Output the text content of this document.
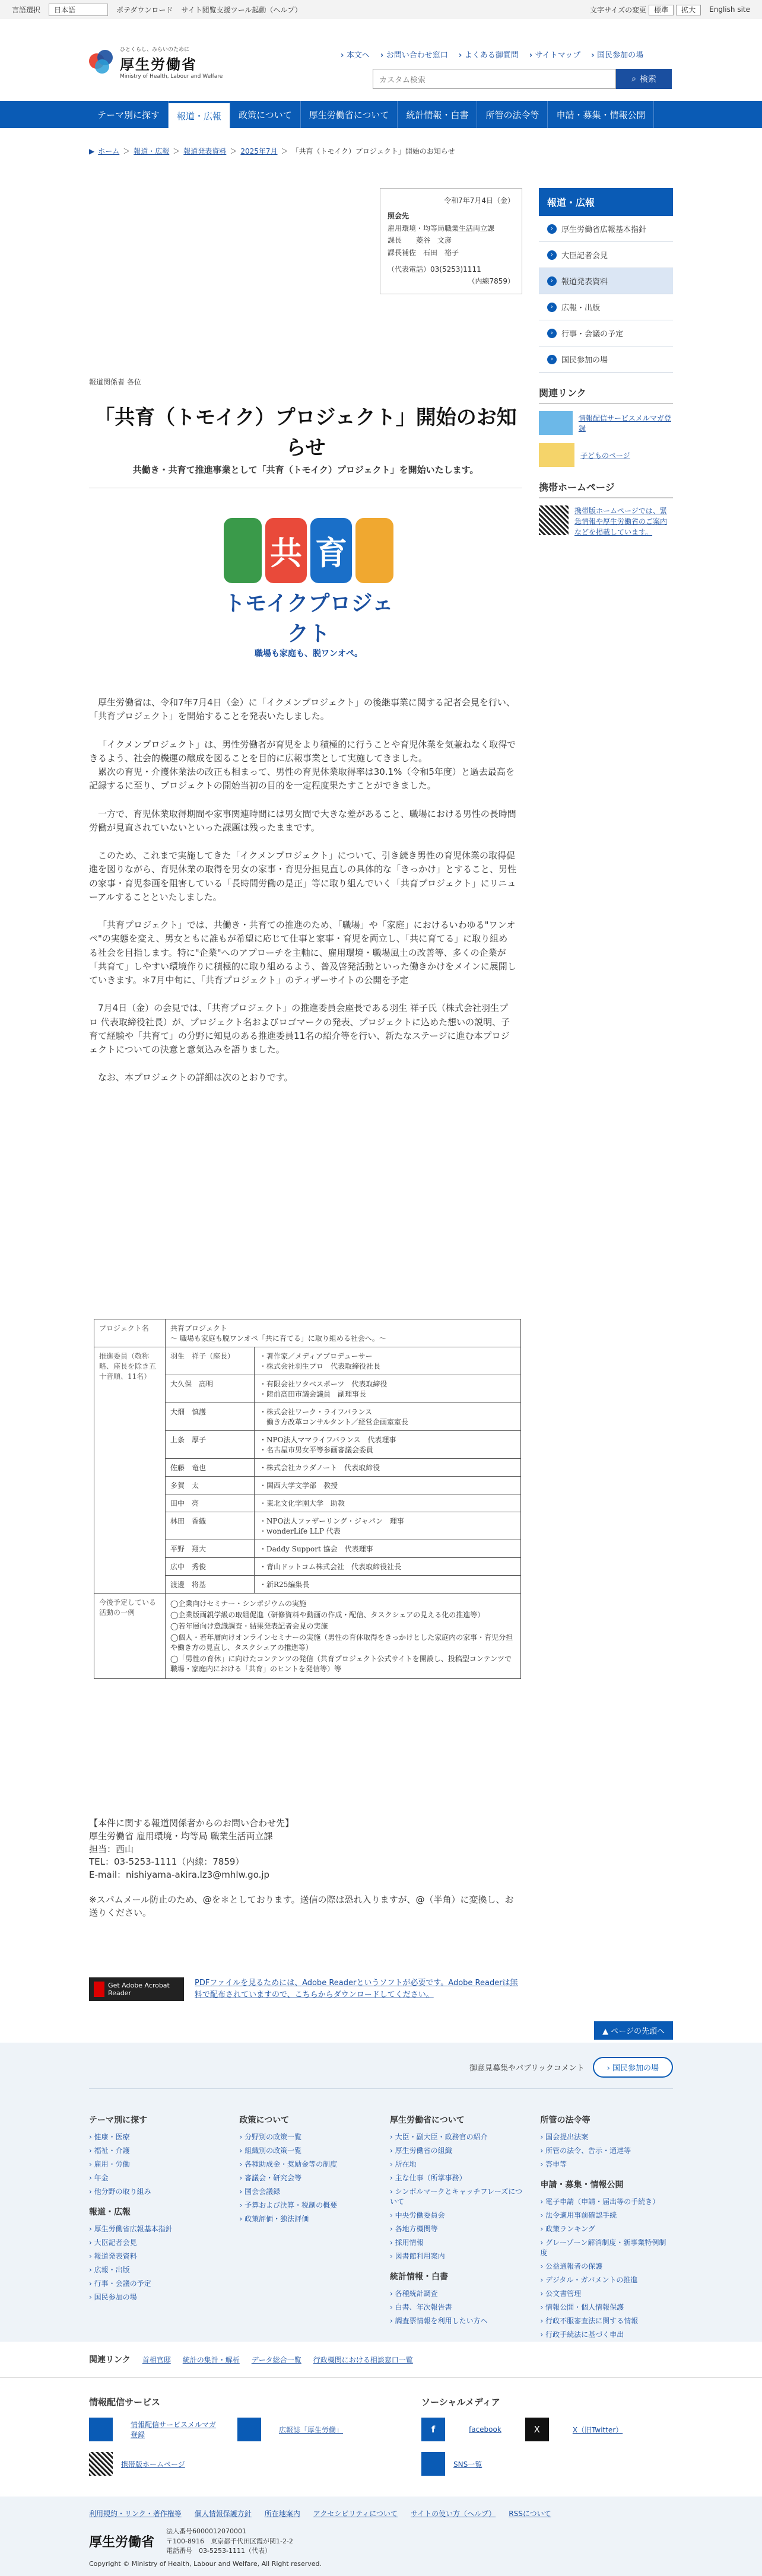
言語選択	日本語	ポテダウンロード サイト閲覧支援ツール起動（ヘルプ）	文字サイズの変更 標準 拡大	English site
ひとくらし、みらいのために
厚生労働省
Ministry of Health, Labour and Welfare
› 本文へ	› お問い合わせ窓口	› よくある御質問	› サイトマップ	› 国民参加の場
カスタム検索	⌕ 検索
テーマ別に探す	報道・広報	政策について	厚生労働省について	統計情報・白書	所管の法令等	申請・募集・情報公開
▶ ホーム ＞ 報道・広報 ＞ 報道発表資料 ＞ 2025年7月 ＞ 「共育（トモイク）プロジェクト」開始のお知らせ
令和7年7月4日（金）
照会先
雇用環境・均等局職業生活両立課
課長　　菱谷　文彦
課長補佐　石田　裕子
（代表電話）03(5253)1111
（内線7859）
報道関係者 各位
「共育（トモイク）プロジェクト」開始のお知らせ
共働き・共育て推進事業として「共育（トモイク）プロジェクト」を開始いたします。
共 育
トモイクプロジェクト
職場も家庭も、脱ワンオペ。

厚生労働省は、令和7年7月4日（金）に「イクメンプロジェクト」の後継事業に関する記者会見を行い、「共育プロジェクト」を開始することを発表いたしました。

「イクメンプロジェクト」は、男性労働者が育児をより積極的に行うことや育児休業を気兼ねなく取得できるよう、社会的機運の醸成を図ることを目的に広報事業として実施してきました。

累次の育児・介護休業法の改正も相まって、男性の育児休業取得率は30.1%（令和5年度）と過去最高を記録するに至り、プロジェクトの開始当初の目的を一定程度果たすことができました。

一方で、育児休業取得期間や家事関連時間には男女間で大きな差があること、職場における男性の長時間労働が見直されていないといった課題は残ったままです。

このため、これまで実施してきた「イクメンプロジェクト」について、引き続き男性の育児休業の取得促進を図りながら、育児休業の取得を男女の家事・育児分担見直しの具体的な「きっかけ」とすること、男性の家事・育児参画を阻害している「長時間労働の是正」等に取り組んでいく「共育プロジェクト」にリニューアルすることといたしました。

「共育プロジェクト」では、共働き・共育ての推進のため、「職場」や「家庭」におけるいわゆる"ワンオペ"の実態を変え、男女ともに誰もが希望に応じて仕事と家事・育児を両立し、「共に育てる」に取り組める社会を目指します。特に"企業"へのアプローチを主軸に、雇用環境・職場風土の改善等、多くの企業が「共育て」しやすい環境作りに積極的に取り組めるよう、普及啓発活動といった働きかけをメインに展開していきます。＊7月中旬に、「共育プロジェクト」のティザーサイトの公開を予定

7月4日（金）の会見では、「共育プロジェクト」の推進委員会座長である羽生 祥子氏（株式会社羽生プロ 代表取締役社長）が、プロジェクト名およびロゴマークの発表、プロジェクトに込めた想いの説明、子育て経験や「共育て」の分野に知見のある推進委員11名の紹介等を行い、新たなステージに進む本プロジェクトについての決意と意気込みを語りました。

なお、本プロジェクトの詳細は次のとおりです。

プロジェクト名	共育プロジェクト
～ 職場も家庭も脱ワンオペ「共に育てる」に取り組める社会へ。～	

推進委員（敬称略、座長を除き五十音順、11名）	羽生　祥子（座長）	・著作家／メディアプロデューサー
・株式会社羽生プロ　代表取締役社長
	大久保　高明	・有限会社ワタベスポーツ　代表取締役
・陸前高田市議会議員　副理事長
	大畑　慎護	・株式会社ワーク・ライフバランス
　働き方改革コンサルタント／経営企画室室長
	上条　厚子	・NPO法人ママライフバランス　代表理事
・名古屋市男女平等参画審議会委員
	佐藤　竜也	・株式会社カラダノート　代表取締役
	多賀　太	・関西大学文学部　教授
	田中　亮	・東北文化学園大学　助教
	林田　香織	・NPO法人ファザーリング・ジャパン　理事
・wonderLife LLP 代表
	平野　翔大	・Daddy Support 協会　代表理事
	広中　秀俊	・青山ドットコム株式会社　代表取締役社長
	渡邊　将基	・新R25編集長
今後予定している活動の一例	◯企業向けセミナー・シンポジウムの実施
◯企業版両親学級の取組促進（研修資料や動画の作成・配信、タスクシェアの見える化の推進等）
◯若年層向け意識調査・結果発表記者会見の実施
◯個人・若年層向けオンラインセミナーの実施（男性の育休取得をきっかけとした家庭内の家事・育児分担や働き方の見直し、タスクシェアの推進等）
◯「男性の育休」に向けたコンテンツの発信（共育プロジェクト公式サイトを開設し、投稿型コンテンツで職場・家庭内における「共育」のヒントを発信等）等	
【本件に関する報道関係者からのお問い合わせ先】
厚生労働省 雇用環境・均等局 職業生活両立課
担当：西山
TEL：03-5253-1111（内線：7859）
E-mail：nishiyama-akira.lz3@mhlw.go.jp
※スパムメール防止のため、@を＊としております。送信の際は恐れ入りますが、@（半角）に変換し、お送りください。
Get Adobe Acrobat Reader
PDFファイルを見るためには、Adobe Readerというソフトが必要です。Adobe Readerは無料で配布されていますので、こちらからダウンロードしてください。
報道・広報
›	厚生労働省広報基本指針
›	大臣記者会見
›	報道発表資料
›	広報・出版
›	行事・会議の予定
›	国民参加の場
関連リンク
情報配信サービスメルマガ登録
子どものページ
携帯ホームページ
携帯版ホームページでは、緊急情報や厚生労働省のご案内などを掲載しています。
▲ ページの先頭へ
御意見募集やパブリックコメント	› 国民参加の場
テーマ別に探す
› 健康・医療
› 福祉・介護
› 雇用・労働
› 年金
› 他分野の取り組み
報道・広報
› 厚生労働省広報基本指針
› 大臣記者会見
› 報道発表資料
› 広報・出版
› 行事・会議の予定
› 国民参加の場
政策について
› 分野別の政策一覧
› 組織別の政策一覧
› 各種助成金・奨励金等の制度
› 審議会・研究会等
› 国会会議録
› 予算および決算・税制の概要
› 政策評価・独法評価
厚生労働省について
› 大臣・副大臣・政務官の紹介
› 厚生労働省の組織
› 所在地
› 主な仕事（所掌事務）
› シンボルマークとキャッチフレーズについて
› 中央労働委員会
› 各地方機関等
› 採用情報
› 図書館利用案内
統計情報・白書
› 各種統計調査
› 白書、年次報告書
› 調査票情報を利用したい方へ
所管の法令等
› 国会提出法案
› 所管の法令、告示・通達等
› 答申等
申請・募集・情報公開
› 電子申請（申請・届出等の手続き）
› 法令適用事前確認手続
› 政策ランキング
› グレーゾーン解消制度・新事業特例制度
› 公益通報者の保護
› デジタル・ガバメントの推進
› 公文書管理
› 情報公開・個人情報保護
› 行政不服審査法に関する情報
› 行政手続法に基づく申出
関連リンク 首相官邸 統計の集計・解析 データ総合一覧 行政機関における相談窓口一覧
情報配信サービス
情報配信サービスメルマガ登録
広報誌「厚生労働」
携帯版ホームページ
ソーシャルメディア
f	facebook	X	X（旧Twitter）
SNS一覧
利用規約・リンク・著作権等 個人情報保護方針 所在地案内 アクセシビリティについて サイトの使い方（ヘルプ） RSSについて
厚生労働省
法人番号6000012070001
〒100-8916　東京都千代田区霞が関1-2-2
電話番号　03-5253-1111（代表）
Copyright © Ministry of Health, Labour and Welfare, All Right reserved.
